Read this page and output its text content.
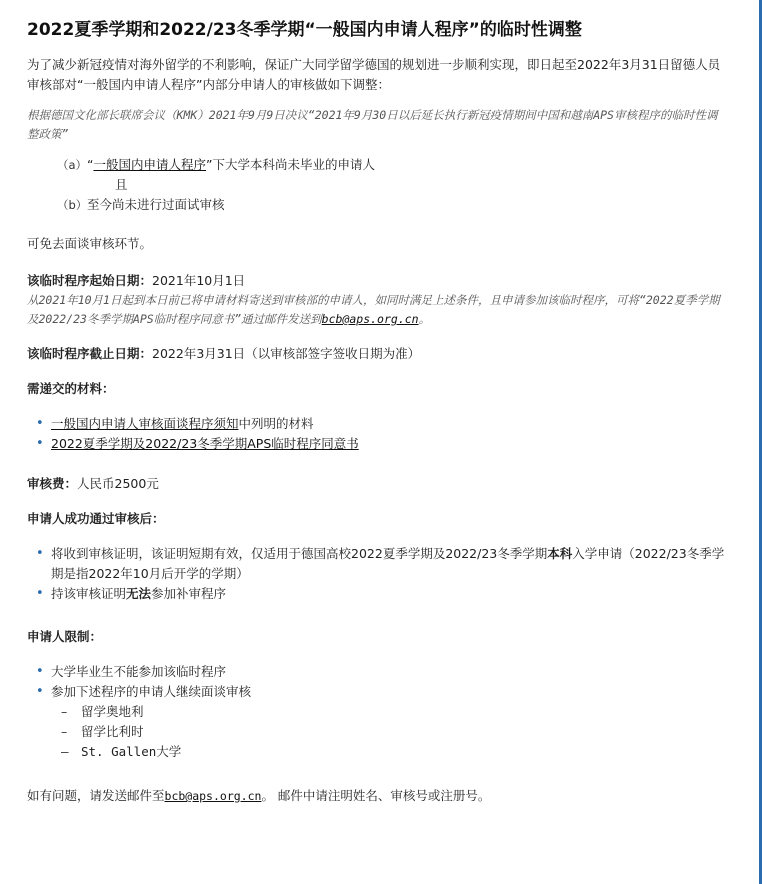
2022夏季学期和2022/23冬季学期“一般国内申请人程序”的临时性调整

为了减少新冠疫情对海外留学的不利影响，保证广大同学留学德国的规划进一步顺利实现，即日起至2022年3月31日留德人员审核部对“一般国内申请人程序”内部分申请人的审核做如下调整：

根据德国文化部长联席会议（KMK）2021年9月9日决议“2021年9月30日以后延长执行新冠疫情期间中国和越南APS审核程序的临时性调整政策”

（a） “一般国内申请人程序”下大学本科尚未毕业的申请人
且
（b） 至今尚未进行过面试审核

可免去面谈审核环节。

该临时程序起始日期：2021年10月1日

从2021年10月1日起到本日前已将申请材料寄送到审核部的申请人，如同时满足上述条件，且申请参加该临时程序，可将“2022夏季学期及2022/23冬季学期APS临时程序同意书”通过邮件发送到bcb@aps.org.cn。

该临时程序截止日期：2022年3月31日（以审核部签字签收日期为准）
需递交的材料：
• 一般国内申请人审核面谈程序须知中列明的材料
• 2022夏季学期及2022/23冬季学期APS临时程序同意书
审核费：人民币2500元
申请人成功通过审核后：
• 将收到审核证明，该证明短期有效，仅适用于德国高校2022夏季学期及2022/23冬季学期本科入学申请（2022/23冬季学期是指2022年10月后开学的学期）
• 持该审核证明无法参加补审程序
申请人限制：
• 大学毕业生不能参加该临时程序
• 参加下述程序的申请人继续面谈审核
– 留学奥地利
– 留学比利时
– St. Gallen大学

如有问题，请发送邮件至bcb@aps.org.cn。 邮件中请注明姓名、审核号或注册号。
